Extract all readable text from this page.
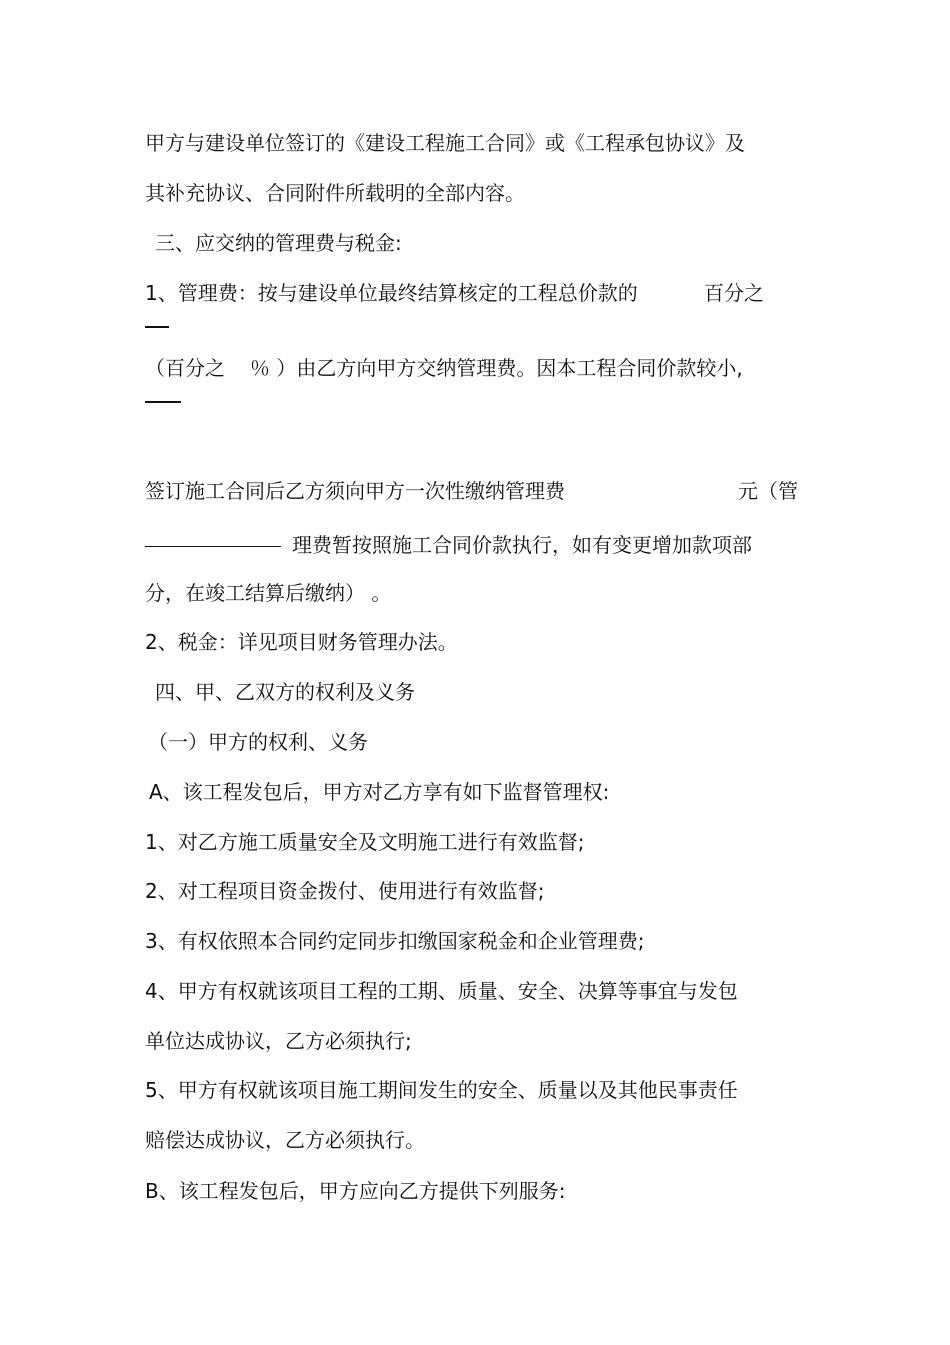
甲方与建设单位签订的《建设工程施工合同》或《工程承包协议》及
其补充协议、合同附件所载明的全部内容。
三、应交纳的管理费与税金:
1、管理费：按与建设单位最终结算核定的工程总价款的	百分之
（百分之 ％ ）由乙方向甲方交纳管理费。因本工程合同价款较小,
签订施工合同后乙方须向甲方一次性缴纳管理费	元（管
理费暂按照施工合同价款执行，如有变更增加款项部
分，在竣工结算后缴纳） 。
2、税金：详见项目财务管理办法。
四、甲、乙双方的权利及义务
（一）甲方的权利、义务
A、该工程发包后，甲方对乙方享有如下监督管理权:
1、对乙方施工质量安全及文明施工进行有效监督;
2、对工程项目资金拨付、使用进行有效监督;
3、有权依照本合同约定同步扣缴国家税金和企业管理费;
4、甲方有权就该项目工程的工期、质量、安全、决算等事宜与发包
单位达成协议，乙方必须执行;
5、甲方有权就该项目施工期间发生的安全、质量以及其他民事责任
赔偿达成协议，乙方必须执行。
B、该工程发包后，甲方应向乙方提供下列服务:
